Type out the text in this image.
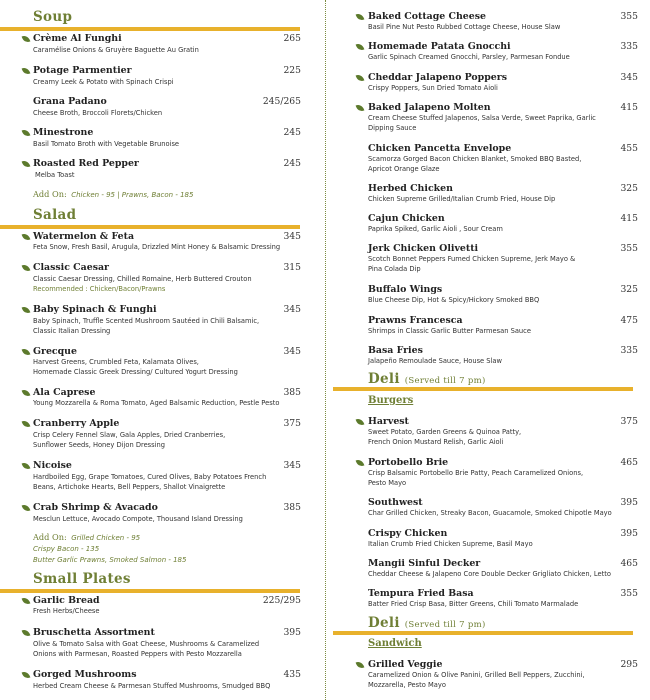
Soup
Crème Al Funghi	265
Caramélise Onions & Gruyère Baguette Au Gratin
Potage Parmentier	225
Creamy Leek & Potato with Spinach Crispi
Grana Padano	245/265
Cheese Broth, Broccoli Florets/Chicken
Minestrone	245
Basil Tomato Broth with Vegetable Brunoise
Roasted Red Pepper	245
Melba Toast
Add On: Chicken - 95 | Prawns, Bacon - 185
Salad
Watermelon & Feta	345
Feta Snow, Fresh Basil, Arugula, Drizzled Mint Honey & Balsamic Dressing
Classic Caesar	315
Classic Caesar Dressing, Chilled Romaine, Herb Buttered Crouton
Recommended : Chicken/Bacon/Prawns
Baby Spinach & Funghi	345
Baby Spinach, Truffle Scented Mushroom Sautéed in Chili Balsamic,
Classic Italian Dressing
Grecque	345
Harvest Greens, Crumbled Feta, Kalamata Olives,
Homemade Classic Greek Dressing/ Cultured Yogurt Dressing
Ala Caprese	385
Young Mozzarella & Roma Tomato, Aged Balsamic Reduction, Pestle Pesto
Cranberry Apple	375
Crisp Celery Fennel Slaw, Gala Apples, Dried Cranberries,
Sunflower Seeds, Honey Dijon Dressing
Nicoise	345
Hardboiled Egg, Grape Tomatoes, Cured Olives, Baby Potatoes French
Beans, Artichoke Hearts, Bell Peppers, Shallot Vinaigrette
Crab Shrimp & Avacado	385
Mesclun Lettuce, Avocado Compote, Thousand Island Dressing
Add On: Grilled Chicken - 95
Crispy Bacon - 135
Butter Garlic Prawns, Smoked Salmon - 185
Small Plates
Garlic Bread	225/295
Fresh Herbs/Cheese
Bruschetta Assortment	395
Olive & Tomato Salsa with Goat Cheese, Mushrooms & Caramelized
Onions with Parmesan, Roasted Peppers with Pesto Mozzarella
Gorged Mushrooms	435
Herbed Cream Cheese & Parmesan Stuffed Mushrooms, Smudged BBQ
Baked Cottage Cheese	355
Basil Pine Nut Pesto Rubbed Cottage Cheese, House Slaw
Homemade Patata Gnocchi	335
Garlic Spinach Creamed Gnocchi, Parsley, Parmesan Fondue
Cheddar Jalapeno Poppers	345
Crispy Poppers, Sun Dried Tomato Aioli
Baked Jalapeno Molten	415
Cream Cheese Stuffed Jalapenos, Salsa Verde, Sweet Paprika, Garlic
Dipping Sauce
Chicken Pancetta Envelope	455
Scamorza Gorged Bacon Chicken Blanket, Smoked BBQ Basted,
Apricot Orange Glaze
Herbed Chicken	325
Chicken Supreme Grilled/Italian Crumb Fried, House Dip
Cajun Chicken	415
Paprika Spiked, Garlic Aioli , Sour Cream
Jerk Chicken Olivetti	355
Scotch Bonnet Peppers Fumed Chicken Supreme, Jerk Mayo &
Pina Colada Dip
Buffalo Wings	325
Blue Cheese Dip, Hot & Spicy/Hickory Smoked BBQ
Prawns Francesca	475
Shrimps in Classic Garlic Butter Parmesan Sauce
Basa Fries	335
Jalapeño Remoulade Sauce, House Slaw
Deli (Served till 7 pm)
Burgers
Harvest	375
Sweet Potato, Garden Greens & Quinoa Patty,
French Onion Mustard Relish, Garlic Aioli
Portobello Brie	465
Crisp Balsamic Portobello Brie Patty, Peach Caramelized Onions,
Pesto Mayo
Southwest	395
Char Grilled Chicken, Streaky Bacon, Guacamole, Smoked Chipotle Mayo
Crispy Chicken	395
Italian Crumb Fried Chicken Supreme, Basil Mayo
Mangii Sinful Decker	465
Cheddar Cheese & Jalapeno Core Double Decker Grigliato Chicken, Letto
Tempura Fried Basa	355
Batter Fried Crisp Basa, Bitter Greens, Chili Tomato Marmalade
Deli (Served till 7 pm)
Sandwich
Grilled Veggie	295
Caramelized Onion & Olive Panini, Grilled Bell Peppers, Zucchini,
Mozzarella, Pesto Mayo
